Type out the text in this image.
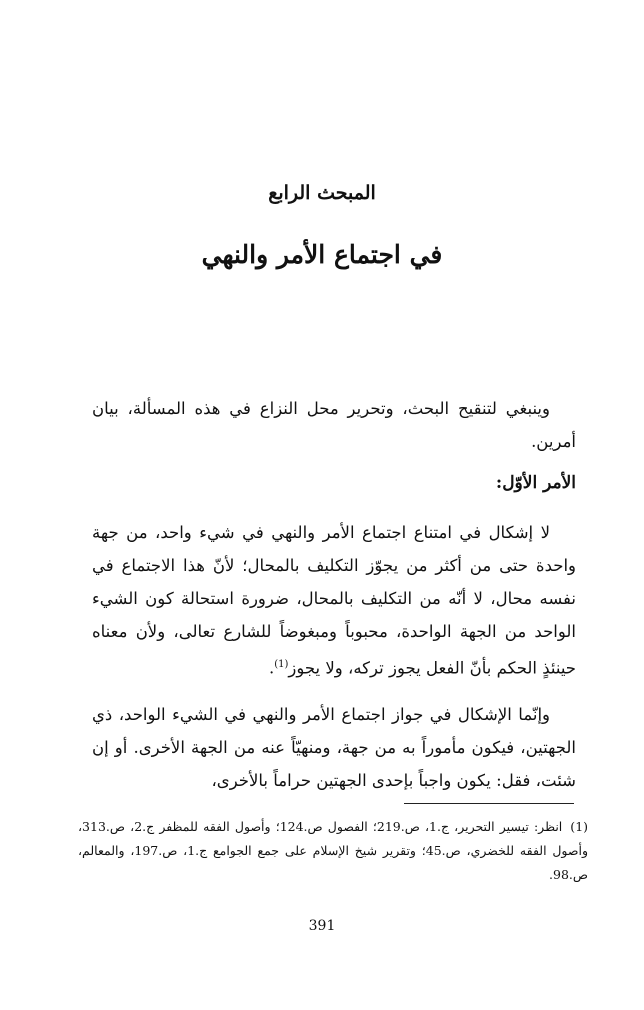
المبحث الرابع
في اجتماع الأمر والنهي
وينبغي لتنقيح البحث، وتحرير محل النزاع في هذه المسألة، بيان أمرين.
الأمر الأوّل:
لا إشكال في امتناع اجتماع الأمر والنهي في شيء واحد، من جهة واحدة حتى من أكثر من يجوّز التكليف بالمحال؛ لأنّ هذا الاجتماع في نفسه محال، لا أنّه من التكليف بالمحال، ضرورة استحالة كون الشيء الواحد من الجهة الواحدة، محبوباً ومبغوضاً للشارع تعالى، ولأن معناه حينئذٍ الحكم بأنّ الفعل يجوز تركه، ولا يجوز$^{(1)}$.
وإنّما الإشكال في جواز اجتماع الأمر والنهي في الشيء الواحد، ذي الجهتين، فيكون مأموراً به من جهة، ومنهيّاً عنه من الجهة الأخرى. أو إن شئت، فقل: يكون واجباً بإحدى الجهتين حراماً بالأخرى،
(1)انظر: تيسير التحرير، ج.1، ص.219؛ الفصول ص.124؛ وأصول الفقه للمظفر ج.2، ص.313، وأصول الفقه للخضري، ص.45؛ وتقرير شيخ الإسلام على جمع الجوامع ج.1، ص.197، والمعالم، ص.98.
391
